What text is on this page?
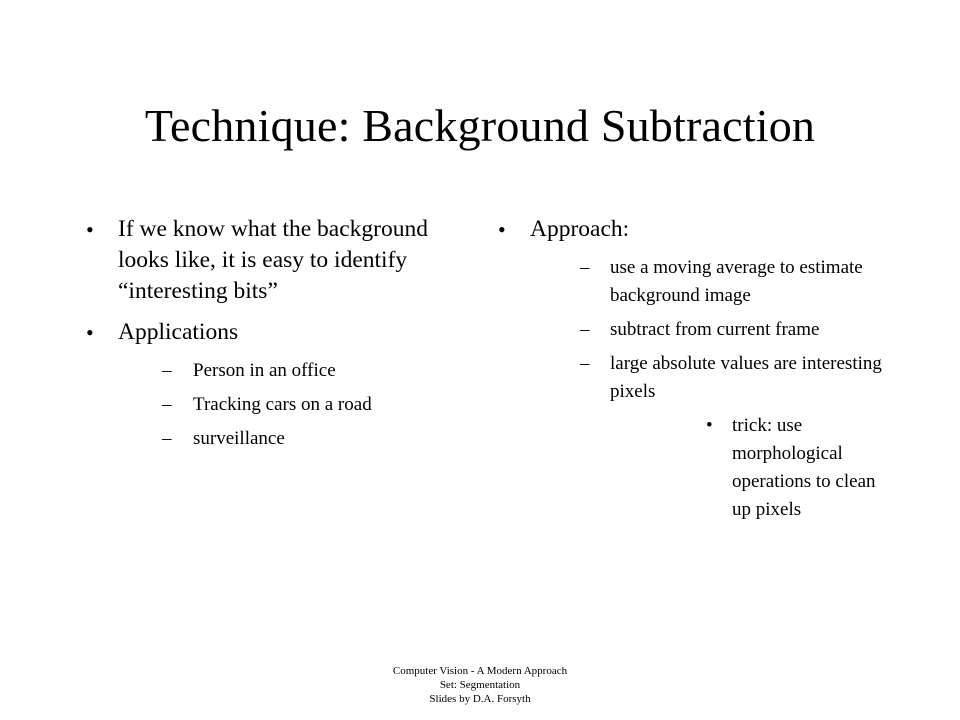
Technique: Background Subtraction
• If we know what the background looks like, it is easy to identify “interesting bits”
• Applications
– Person in an office
– Tracking cars on a road
– surveillance
• Approach:
– use a moving average to estimate background image
– subtract from current frame
– large absolute values are interesting pixels
• trick: use morphological operations to clean up pixels
Computer Vision - A Modern Approach
Set: Segmentation
Slides by D.A. Forsyth
